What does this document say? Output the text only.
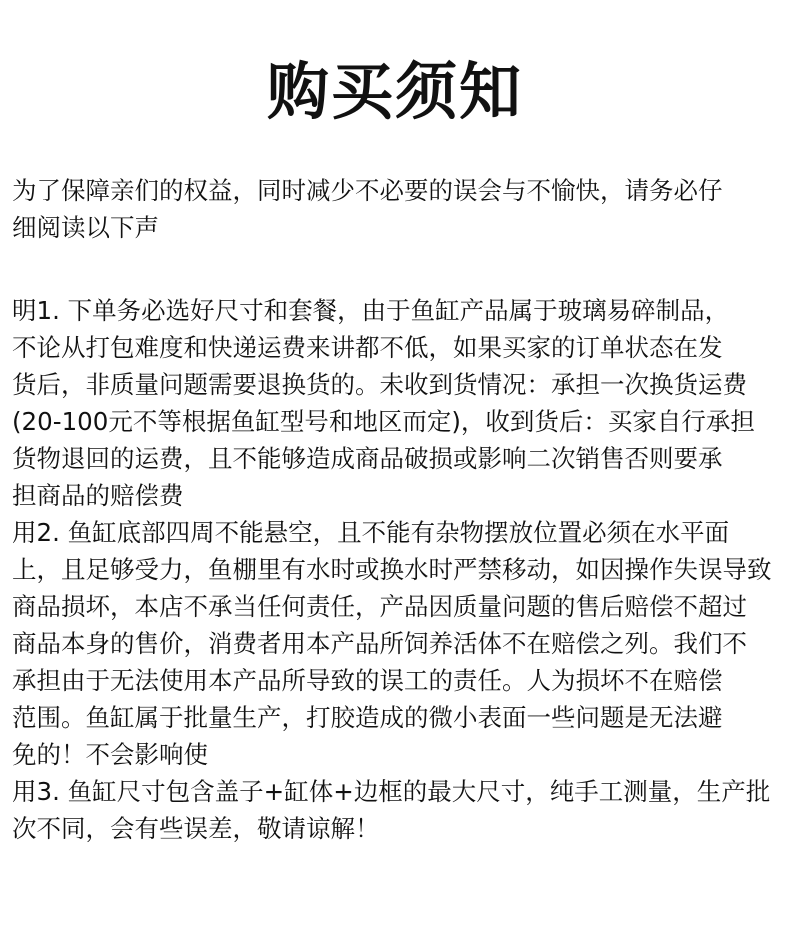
购买须知
为了保障亲们的权益，同时减少不必要的误会与不愉快，请务必仔
细阅读以下声
明1. 下单务必选好尺寸和套餐，由于鱼缸产品属于玻璃易碎制品，
不论从打包难度和快递运费来讲都不低，如果买家的订单状态在发
货后，非质量问题需要退换货的。未收到货情况：承担一次换货运费
(20-100元不等根据鱼缸型号和地区而定)，收到货后：买家自行承担
货物退回的运费，且不能够造成商品破损或影响二次销售否则要承
担商品的赔偿费
用2. 鱼缸底部四周不能悬空，且不能有杂物摆放位置必须在水平面
上，且足够受力，鱼棚里有水时或换水时严禁移动，如因操作失误导致
商品损坏，本店不承当任何责任，产品因质量问题的售后赔偿不超过
商品本身的售价，消费者用本产品所饲养活体不在赔偿之列。我们不
承担由于无法使用本产品所导致的误工的责任。人为损坏不在赔偿
范围。鱼缸属于批量生产，打胶造成的微小表面一些问题是无法避
免的！不会影响使
用3. 鱼缸尺寸包含盖子+缸体+边框的最大尺寸，纯手工测量，生产批
次不同，会有些误差，敬请谅解！
